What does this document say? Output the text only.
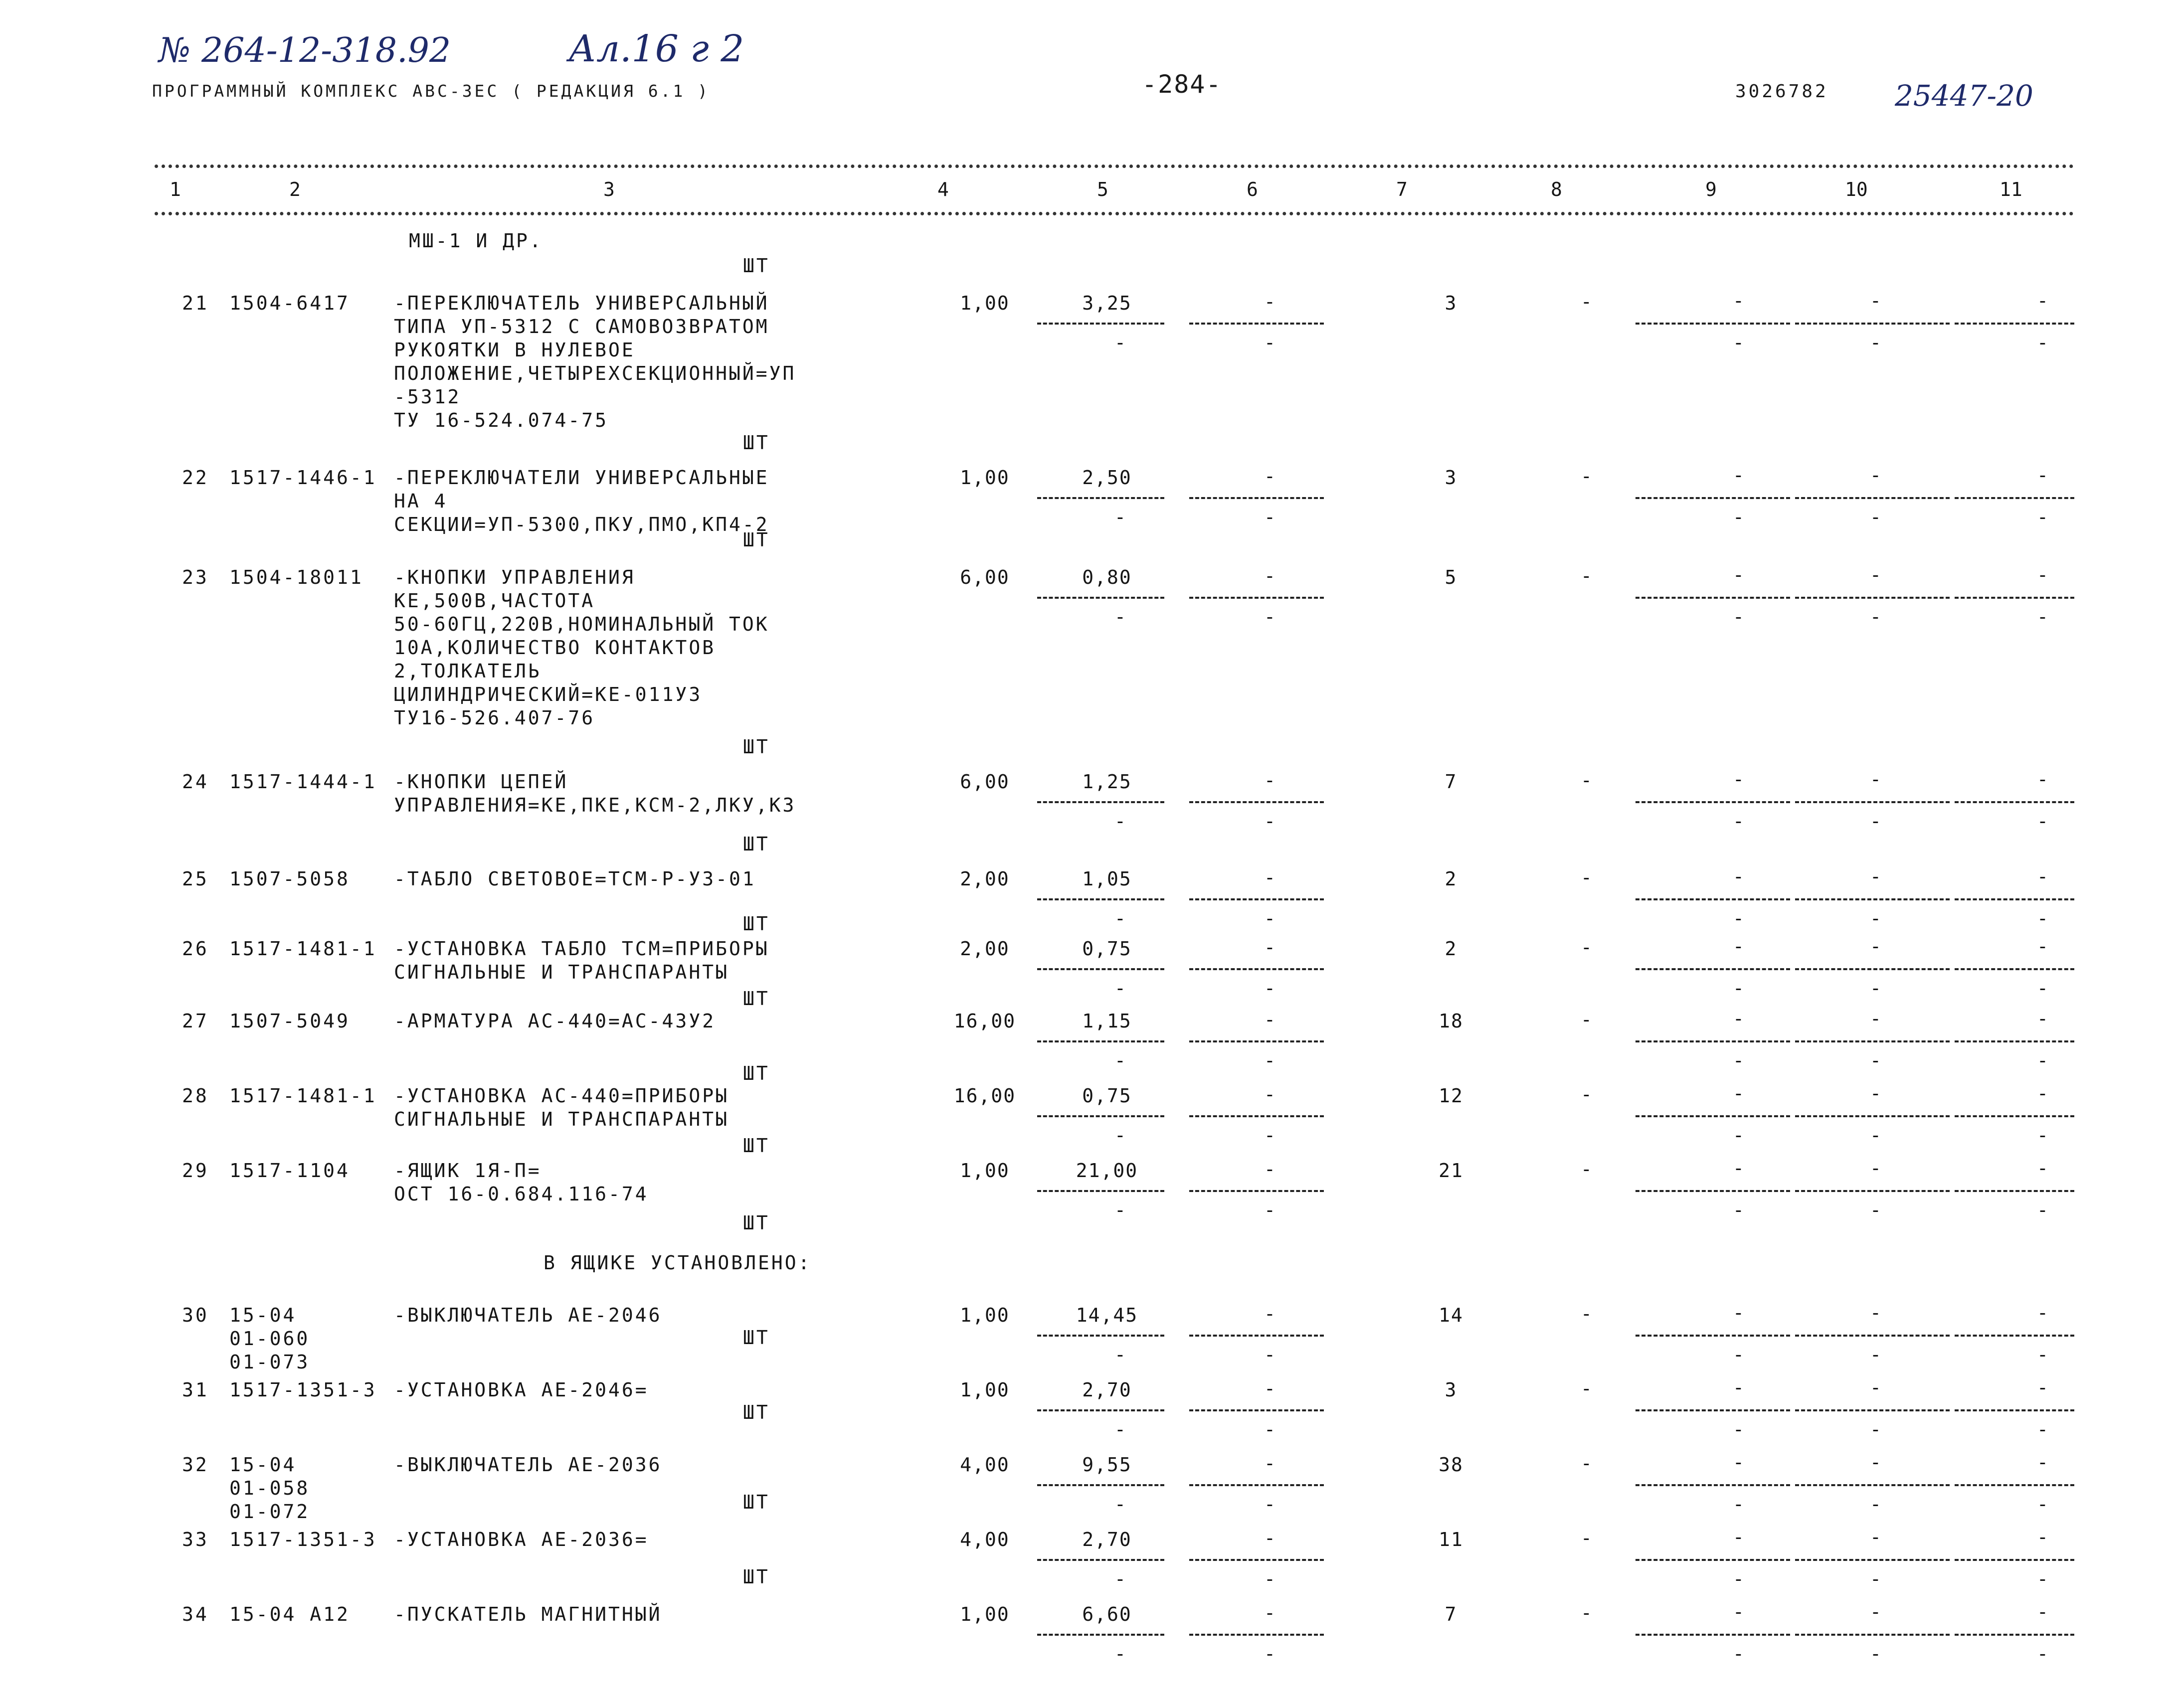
№ 264-12-318.92	Ал.16 г 2
25447-20
ПРОГРАММНЫЙ КОМПЛЕКС АВС-3ЕС ( РЕДАКЦИЯ 6.1 )	-284-	3026782
1	2	3	4	5	6	7	8	9	10	11
МШ-1 И ДР.
21 1504-6417 -ПЕРЕКЛЮЧАТЕЛЬ УНИВЕРСАЛЬНЫЙ
ТИПА УП-5312 С САМОВОЗВРАТОМ
РУКОЯТКИ В НУЛЕВОЕ
ПОЛОЖЕНИЕ,ЧЕТЫРЕХСЕКЦИОННЫЙ=УП
-5312
ТУ 16-524.074-75
1,00	3,25	-	3	-	-	-	-
-	-	-	-	-
ШТ
22 1517-1446-1 -ПЕРЕКЛЮЧАТЕЛИ УНИВЕРСАЛЬНЫЕ
НА 4
СЕКЦИИ=УП-5300,ПКУ,ПМО,КП4-2
1,00	2,50	-	3	-	-	-	-
-	-	-	-	-
ШТ
23 1504-18011 -КНОПКИ УПРАВЛЕНИЯ
КЕ,500В,ЧАСТОТА
50-60ГЦ,220В,НОМИНАЛЬНЫЙ ТОК
10А,КОЛИЧЕСТВО КОНТАКТОВ
2,ТОЛКАТЕЛЬ
ЦИЛИНДРИЧЕСКИЙ=КЕ-011У3
ТУ16-526.407-76
6,00	0,80	-	5	-	-	-	-
-	-	-	-	-
ШТ
24 1517-1444-1 -КНОПКИ ЦЕПЕЙ
УПРАВЛЕНИЯ=КЕ,ПКЕ,КСМ-2,ЛКУ,КЗ
6,00	1,25	-	7	-	-	-	-
-	-	-	-	-
ШТ
25 1507-5058 -ТАБЛО СВЕТОВОЕ=ТСМ-Р-У3-01	2,00	1,05	-	2	-	-	-	-
-	-	-	-	-
ШТ
26 1517-1481-1 -УСТАНОВКА ТАБЛО ТСМ=ПРИБОРЫ
СИГНАЛЬНЫЕ И ТРАНСПАРАНТЫ
2,00	0,75	-	2	-	-	-	-
-	-	-	-	-
ШТ
27 1507-5049 -АРМАТУРА АС-440=АС-43У2	16,00	1,15	-	18	-	-	-	-
-	-	-	-	-
ШТ
28 1517-1481-1 -УСТАНОВКА АС-440=ПРИБОРЫ
СИГНАЛЬНЫЕ И ТРАНСПАРАНТЫ
16,00	0,75	-	12	-	-	-	-
-	-	-	-	-
ШТ
29 1517-1104 -ЯЩИК 1Я-П=
ОСТ 16-0.684.116-74
1,00	21,00	-	21	-	-	-	-
-	-	-	-	-
ШТ
30 15-04
01-060
01-073
-ВЫКЛЮЧАТЕЛЬ АЕ-2046	1,00	14,45	-	14	-	-	-	-
-	-	-	-	-
ШТ
31 1517-1351-3 -УСТАНОВКА АЕ-2046=	1,00	2,70	-	3	-	-	-	-
-	-	-	-	-
ШТ
32 15-04
01-058
01-072
-ВЫКЛЮЧАТЕЛЬ АЕ-2036	4,00	9,55	-	38	-	-	-	-
-	-	-	-	-
ШТ
33 1517-1351-3 -УСТАНОВКА АЕ-2036=	4,00	2,70	-	11	-	-	-	-
-	-	-	-	-
ШТ
34 15-04 А12 -ПУСКАТЕЛЬ МАГНИТНЫЙ	1,00	6,60	-	7	-	-	-	-
-	-	-	-	-
ШТ
В ЯЩИКЕ УСТАНОВЛЕНО:
